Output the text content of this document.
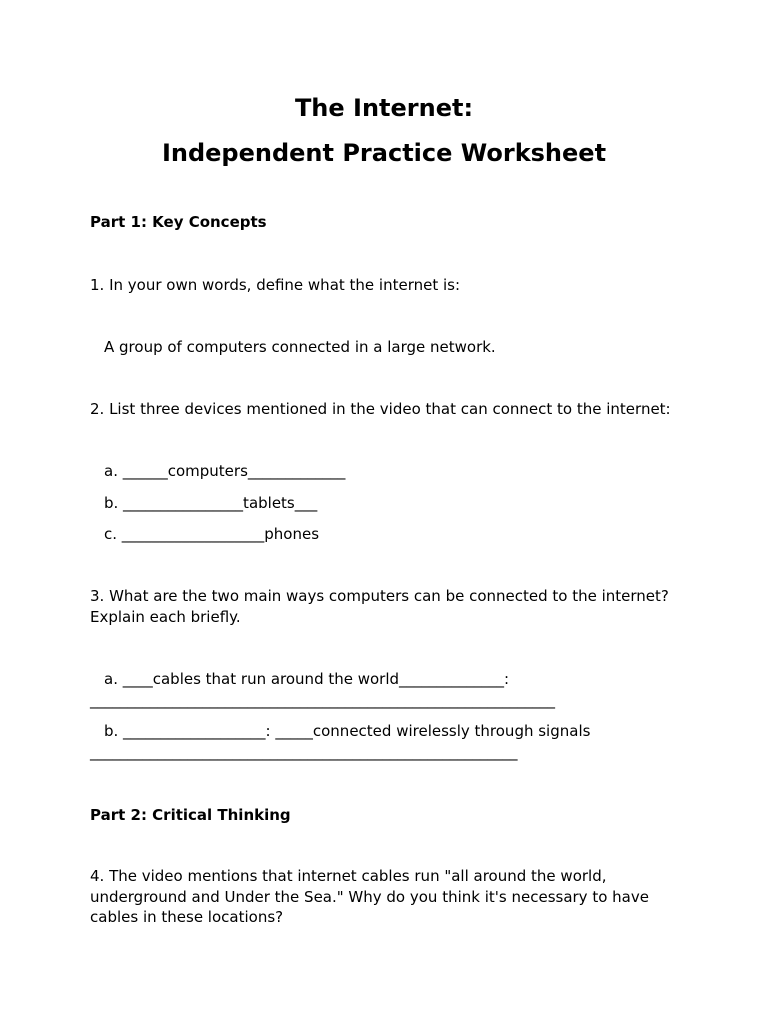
The Internet:
Independent Practice Worksheet
Part 1: Key Concepts
1. In your own words, define what the internet is:
A group of computers connected in a large network.
2. List three devices mentioned in the video that can connect to the internet:
a. ______computers_____________
b. ________________tablets___
c. ___________________phones
3. What are the two main ways computers can be connected to the internet? Explain each briefly.
a. ____cables that run around the world______________:
______________________________________________________________
b. ___________________: _____connected wirelessly through signals
_________________________________________________________
Part 2: Critical Thinking
4. The video mentions that internet cables run "all around the world, underground and Under the Sea." Why do you think it's necessary to have cables in these locations?
